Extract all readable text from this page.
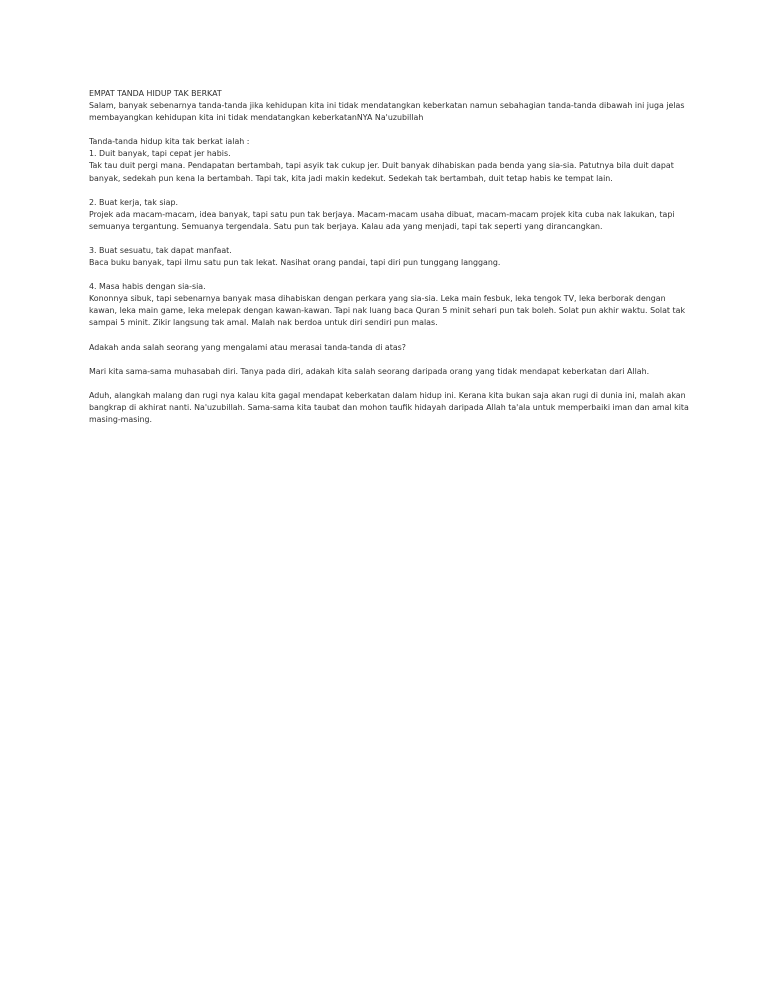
EMPAT TANDA HIDUP TAK BERKAT

Salam, banyak sebenarnya tanda-tanda jika kehidupan kita ini tidak mendatangkan keberkatan namun sebahagian tanda-tanda dibawah ini juga jelas membayangkan kehidupan kita ini tidak mendatangkan keberkatanNYA Na'uzubillah

Tanda-tanda hidup kita tak berkat ialah :

1. Duit banyak, tapi cepat jer habis.

Tak tau duit pergi mana. Pendapatan bertambah, tapi asyik tak cukup jer. Duit banyak dihabiskan pada benda yang sia-sia. Patutnya bila duit dapat banyak, sedekah pun kena la bertambah. Tapi tak, kita jadi makin kedekut. Sedekah tak bertambah, duit tetap habis ke tempat lain.

2. Buat kerja, tak siap.

Projek ada macam-macam, idea banyak, tapi satu pun tak berjaya. Macam-macam usaha dibuat, macam-macam projek kita cuba nak lakukan, tapi semuanya tergantung. Semuanya tergendala. Satu pun tak berjaya. Kalau ada yang menjadi, tapi tak seperti yang dirancangkan.

3. Buat sesuatu, tak dapat manfaat.

Baca buku banyak, tapi ilmu satu pun tak lekat. Nasihat orang pandai, tapi diri pun tunggang langgang.

4. Masa habis dengan sia-sia.

Kononnya sibuk, tapi sebenarnya banyak masa dihabiskan dengan perkara yang sia-sia. Leka main fesbuk, leka tengok TV, leka berborak dengan kawan, leka main game, leka melepak dengan kawan-kawan. Tapi nak luang baca Quran 5 minit sehari pun tak boleh. Solat pun akhir waktu. Solat tak sampai 5 minit. Zikir langsung tak amal. Malah nak berdoa untuk diri sendiri pun malas.

Adakah anda salah seorang yang mengalami atau merasai tanda-tanda di atas?

Mari kita sama-sama muhasabah diri. Tanya pada diri, adakah kita salah seorang daripada orang yang tidak mendapat keberkatan dari Allah.

Aduh, alangkah malang dan rugi nya kalau kita gagal mendapat keberkatan dalam hidup ini. Kerana kita bukan saja akan rugi di dunia ini, malah akan bangkrap di akhirat nanti. Na'uzubillah. Sama-sama kita taubat dan mohon taufik hidayah daripada Allah ta'ala untuk memperbaiki iman dan amal kita masing-masing.
